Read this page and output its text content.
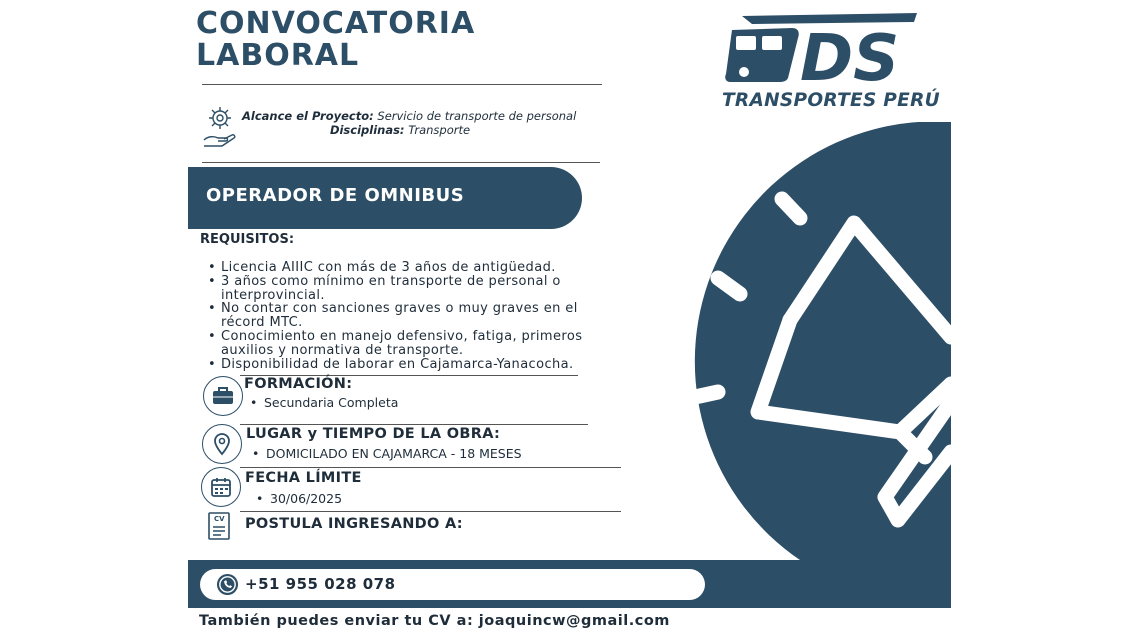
CONVOCATORIA
LABORAL
Alcance el Proyecto: Servicio de transporte de personal
Disciplinas: Transporte
OPERADOR DE OMNIBUS
REQUISITOS:
• Licencia AIIIC con más de 3 años de antigüedad.
• 3 años como mínimo en transporte de personal o interprovincial.
• No contar con sanciones graves o muy graves en el récord MTC.
• Conocimiento en manejo defensivo, fatiga, primeros auxilios y normativa de transporte.
• Disponibilidad de laborar en Cajamarca-Yanacocha.
FORMACIÓN:
• Secundaria Completa
LUGAR y TIEMPO DE LA OBRA:
• DOMICILADO EN CAJAMARCA - 18 MESES
FECHA LÍMITE
• 30/06/2025
CV POSTULA INGRESANDO A:
DS
TRANSPORTES PERÚ
+51 955 028 078
También puedes enviar tu CV a: joaquincw@gmail.com
